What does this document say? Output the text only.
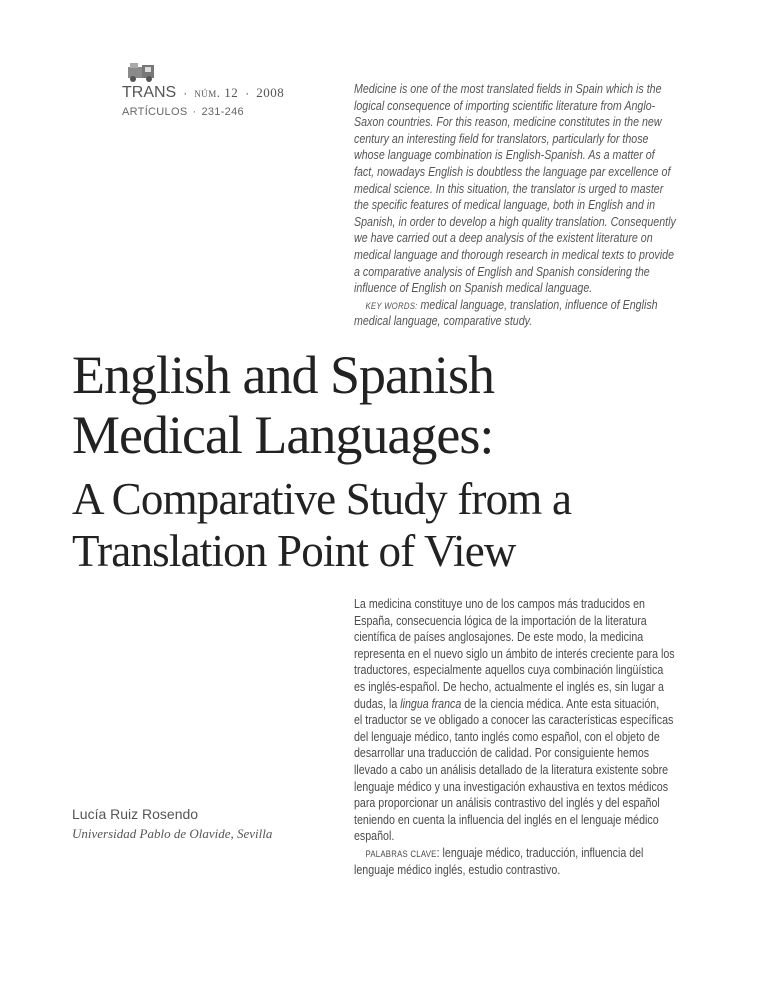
TRANS · núm. 12 · 2008
ARTÍCULOS · 231-246
Medicine is one of the most translated fields in Spain which is the
logical consequence of importing scientific literature from Anglo-
Saxon countries. For this reason, medicine constitutes in the new
century an interesting field for translators, particularly for those
whose language combination is English-Spanish. As a matter of
fact, nowadays English is doubtless the language par excellence of
medical science. In this situation, the translator is urged to master
the specific features of medical language, both in English and in
Spanish, in order to develop a high quality translation. Consequently
we have carried out a deep analysis of the existent literature on
medical language and thorough research in medical texts to provide
a comparative analysis of English and Spanish considering the
influence of English on Spanish medical language.
KEY WORDS: medical language, translation, influence of English
medical language, comparative study.
English and Spanish
Medical Languages:
A Comparative Study from a
Translation Point of View
La medicina constituye uno de los campos más traducidos en
España, consecuencia lógica de la importación de la literatura
científica de países anglosajones. De este modo, la medicina
representa en el nuevo siglo un ámbito de interés creciente para los
traductores, especialmente aquellos cuya combinación lingüística
es inglés-español. De hecho, actualmente el inglés es, sin lugar a
dudas, la lingua franca de la ciencia médica. Ante esta situación,
el traductor se ve obligado a conocer las características específicas
del lenguaje médico, tanto inglés como español, con el objeto de
desarrollar una traducción de calidad. Por consiguiente hemos
llevado a cabo un análisis detallado de la literatura existente sobre
lenguaje médico y una investigación exhaustiva en textos médicos
para proporcionar un análisis contrastivo del inglés y del español
teniendo en cuenta la influencia del inglés en el lenguaje médico
español.
PALABRAS CLAVE: lenguaje médico, traducción, influencia del
lenguaje médico inglés, estudio contrastivo.
Lucía Ruiz Rosendo
Universidad Pablo de Olavide, Sevilla
